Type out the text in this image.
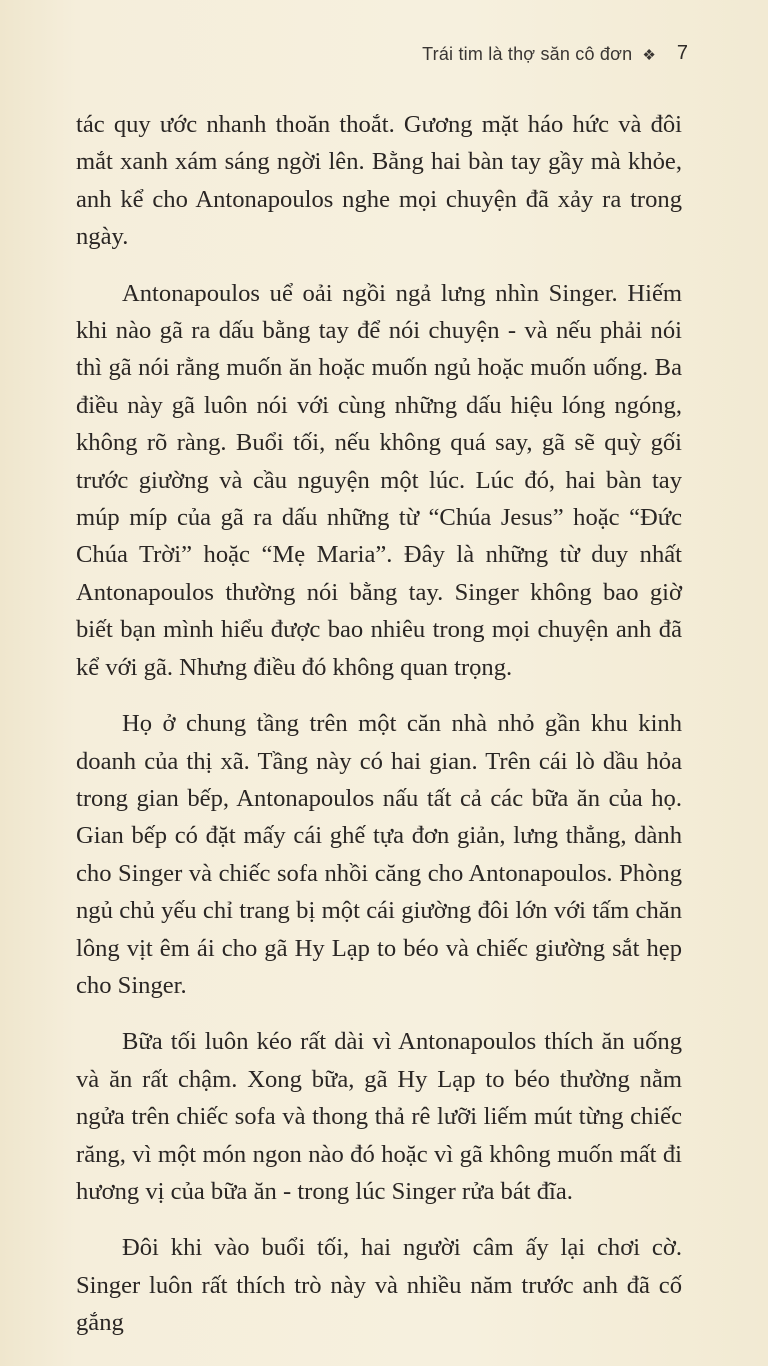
Trái tim là thợ săn cô đơn ❖	7

tác quy ước nhanh thoăn thoắt. Gương mặt háo hức và đôi mắt xanh xám sáng ngời lên. Bằng hai bàn tay gầy mà khỏe, anh kể cho Antonapoulos nghe mọi chuyện đã xảy ra trong ngày.

Antonapoulos uể oải ngồi ngả lưng nhìn Singer. Hiếm khi nào gã ra dấu bằng tay để nói chuyện - và nếu phải nói thì gã nói rằng muốn ăn hoặc muốn ngủ hoặc muốn uống. Ba điều này gã luôn nói với cùng những dấu hiệu lóng ngóng, không rõ ràng. Buổi tối, nếu không quá say, gã sẽ quỳ gối trước giường và cầu nguyện một lúc. Lúc đó, hai bàn tay múp míp của gã ra dấu những từ “Chúa Jesus” hoặc “Đức Chúa Trời” hoặc “Mẹ Maria”. Đây là những từ duy nhất Antonapoulos thường nói bằng tay. Singer không bao giờ biết bạn mình hiểu được bao nhiêu trong mọi chuyện anh đã kể với gã. Nhưng điều đó không quan trọng.

Họ ở chung tầng trên một căn nhà nhỏ gần khu kinh doanh của thị xã. Tầng này có hai gian. Trên cái lò dầu hỏa trong gian bếp, Antonapoulos nấu tất cả các bữa ăn của họ. Gian bếp có đặt mấy cái ghế tựa đơn giản, lưng thẳng, dành cho Singer và chiếc sofa nhồi căng cho Antonapoulos. Phòng ngủ chủ yếu chỉ trang bị một cái giường đôi lớn với tấm chăn lông vịt êm ái cho gã Hy Lạp to béo và chiếc giường sắt hẹp cho Singer.

Bữa tối luôn kéo rất dài vì Antonapoulos thích ăn uống và ăn rất chậm. Xong bữa, gã Hy Lạp to béo thường nằm ngửa trên chiếc sofa và thong thả rê lưỡi liếm mút từng chiếc răng, vì một món ngon nào đó hoặc vì gã không muốn mất đi hương vị của bữa ăn - trong lúc Singer rửa bát đĩa.

Đôi khi vào buổi tối, hai người câm ấy lại chơi cờ. Singer luôn rất thích trò này và nhiều năm trước anh đã cố gắng
